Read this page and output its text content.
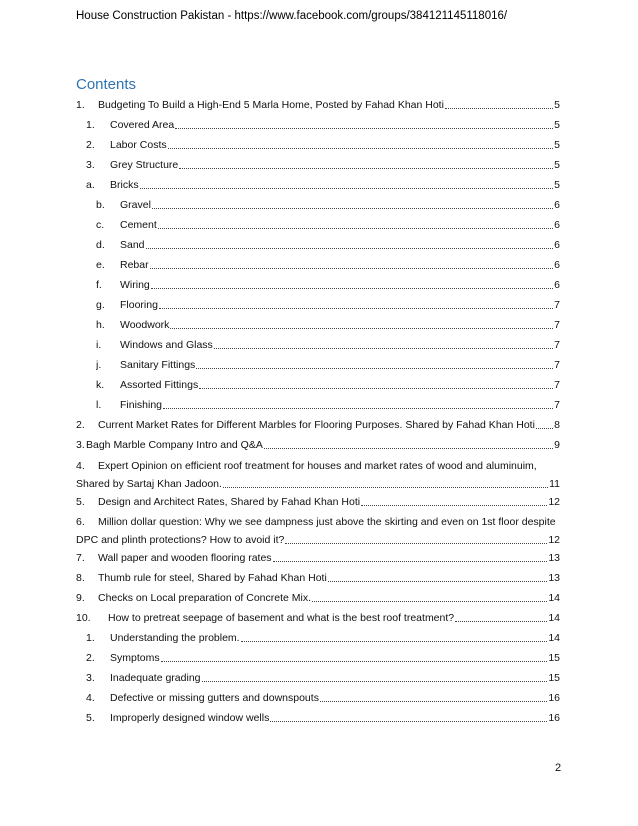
House Construction Pakistan - https://www.facebook.com/groups/384121145118016/
Contents
1.	Budgeting To Build a High-End 5 Marla Home, Posted by Fahad Khan Hoti	5
1.	Covered Area	5
2.	Labor Costs	5
3.	Grey Structure	5
a.	Bricks	5
b.	Gravel	6
c.	Cement	6
d.	Sand	6
e.	Rebar	6
f.	Wiring	6
g.	Flooring	7
h.	Woodwork	7
i.	Windows and Glass	7
j.	Sanitary Fittings	7
k.	Assorted Fittings	7
l.	Finishing	7
2.	Current Market Rates for Different Marbles for Flooring Purposes. Shared by Fahad Khan Hoti 8
3. Bagh Marble Company Intro and Q&A	9
4. Expert Opinion on efficient roof treatment for houses and market rates of wood and aluminuim,
Shared by Sartaj Khan Jadoon.	11
5.	Design and Architect Rates, Shared by Fahad Khan Hoti	12
6. Million dollar question: Why we see dampness just above the skirting and even on 1st floor despite
DPC and plinth protections? How to avoid it?	12
7.	Wall paper and wooden flooring rates	13
8.	Thumb rule for steel, Shared by Fahad Khan Hoti	13
9.	Checks on Local preparation of Concrete Mix.	14
10.	How to pretreat seepage of basement and what is the best roof treatment?	14
1.	Understanding the problem.	14
2.	Symptoms	15
3.	Inadequate grading	15
4.	Defective or missing gutters and downspouts	16
5.	Improperly designed window wells	16
2
